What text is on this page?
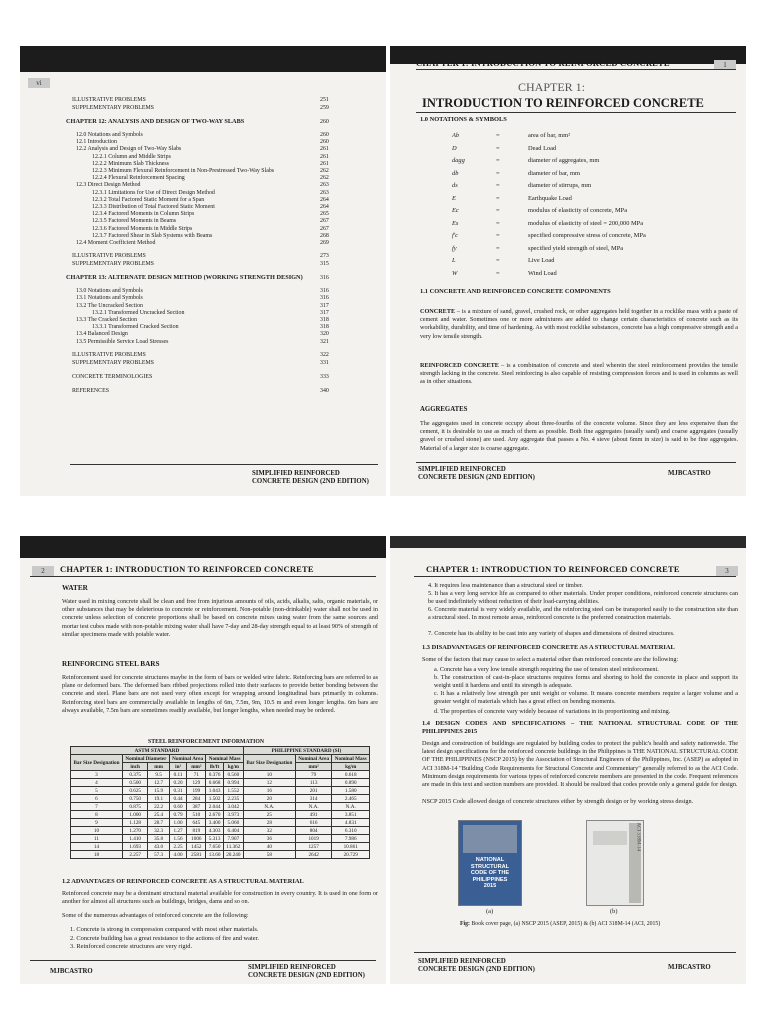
vi
SIMPLIFIED REINFORCED
CONCRETE DESIGN (2ND EDITION)
ILLUSTRATIVE PROBLEMS	251
SUPPLEMENTARY PROBLEMS	259
CHAPTER 12: ANALYSIS AND DESIGN OF TWO-WAY SLABS	260
12.0 Notations and Symbols	260
12.1 Introduction	260
12.2 Analysis and Design of Two-Way Slabs	261
12.2.1 Column and Middle Strips	261
12.2.2 Minimum Slab Thickness	261
12.2.3 Minimum Flexural Reinforcement in Non-Prestressed Two-Way Slabs	262
12.2.4 Flexural Reinforcement Spacing	262
12.3 Direct Design Method	263
12.3.1 Limitations for Use of Direct Design Method	263
12.3.2 Total Factored Static Moment for a Span	264
12.3.3 Distribution of Total Factored Static Moment	264
12.3.4 Factored Moments in Column Strips	265
12.3.5 Factored Moments in Beams	267
12.3.6 Factored Moments in Middle Strips	267
12.3.7 Factored Shear in Slab Systems with Beams	268
12.4 Moment Coefficient Method	269
ILLUSTRATIVE PROBLEMS	273
SUPPLEMENTARY PROBLEMS	315
CHAPTER 13: ALTERNATE DESIGN METHOD (WORKING STRENGTH DESIGN)	316
13.0 Notations and Symbols	316
13.1 Notations and Symbols	316
13.2 The Uncracked Section	317
13.2.1 Transformed Uncracked Section	317
13.3 The Cracked Section	318
13.3.1 Transformed Cracked Section	318
13.4 Balanced Design	320
13.5 Permissible Service Load Stresses	321
ILLUSTRATIVE PROBLEMS	322
SUPPLEMENTARY PROBLEMS	331
CONCRETE TERMINOLOGIES	333
REFERENCES	340
CHAPTER 1: INTRODUCTION TO REINFORCED CONCRETE	1
CHAPTER 1:
INTRODUCTION TO REINFORCED CONCRETE
1.0 NOTATIONS & SYMBOLS
1.1 CONCRETE AND REINFORCED CONCRETE COMPONENTS
CONCRETE – is a mixture of sand, gravel, crushed rock, or other aggregates held together in a rocklike mass with a paste of cement and water. Sometimes one or more admixtures are added to change certain characteristics of concrete such as its workability, durability, and time of hardening. As with most rocklike substances, concrete has a high compressive strength and a very low tensile strength.
REINFORCED CONCRETE – is a combination of concrete and steel wherein the steel reinforcement provides the tensile strength lacking in the concrete. Steel reinforcing is also capable of resisting compression forces and is used in columns as well as in other situations.
AGGREGATES
The aggregates used in concrete occupy about three-fourths of the concrete volume. Since they are less expensive than the cement, it is desirable to use as much of them as possible. Both fine aggregates (usually sand) and coarse aggregates (usually gravel or crushed stone) are used. Any aggregate that passes a No. 4 sieve (about 6mm in size) is said to be fine aggregates. Material of a larger size is coarse aggregate.
SIMPLIFIED REINFORCED
CONCRETE DESIGN (2ND EDITION)
MJBCASTRO
Ab	=	area of bar, mm²
D	=	Dead Load
dagg	=	diameter of aggregates, mm
db	=	diameter of bar, mm
ds	=	diameter of stirrups, mm
E	=	Earthquake Load
Ec	=	modulus of elasticity of concrete, MPa
Es	=	modulus of elasticity of steel = 200,000 MPa
f'c	=	specified compressive stress of concrete, MPa
fy	=	specified yield strength of steel, MPa
L	=	Live Load
W	=	Wind Load
2	CHAPTER 1: INTRODUCTION TO REINFORCED CONCRETE
WATER
Water used in mixing concrete shall be clean and free from injurious amounts of oils, acids, alkalis, salts, organic materials, or other substances that may be deleterious to concrete or reinforcement. Non-potable (non-drinkable) water shall not be used in concrete unless selection of concrete proportions shall be based on concrete mixes using water from the same sources and mortar test cubes made with non-potable mixing water shall have 7-day and 28-day strength equal to at least 90% of strength of similar specimens made with potable water.
REINFORCING STEEL BARS
Reinforcement used for concrete structures maybe in the form of bars or welded wire fabric. Reinforcing bars are referred to as plane or deformed bars. The deformed bars ribbed projections rolled into their surfaces to provide better bonding between the concrete and steel. Plane bars are not used very often except for wrapping around longitudinal bars primarily in columns. Reinforcing steel bars are commercially available in lengths of 6m, 7.5m, 9m, 10.5 m and even longer lengths. 6m bars are always available, 7.5m bars are sometimes readily available, but longer lengths, when needed may be ordered.
STEEL REINFORCEMENT INFORMATION
ASTM STANDARD							PHILIPPINE STANDARD (SI)		
Bar Size Designation	Nominal Diameter		Nominal Area		Nominal Mass		Bar Size Designation	Nominal Area	Nominal Mass
	inch	mm	in²	mm²	lb/ft	kg/m		mm²	kg/m
3	0.375	9.5	0.11	71	0.376	0.560	10	79	0.618
4	0.500	12.7	0.20	129	0.668	0.994	12	113	0.890
5	0.625	15.9	0.31	199	1.043	1.552	16	201	1.580
6	0.750	19.1	0.44	284	1.502	2.235	20	314	2.465
7	0.875	22.2	0.60	387	2.044	3.042	N.A.	N.A.	N.A.
8	1.000	25.4	0.79	510	2.670	3.973	25	491	3.851
9	1.128	28.7	1.00	645	3.400	5.060	28	616	4.831
10	1.270	32.3	1.27	819	4.303	6.404	32	804	6.310
11	1.410	35.8	1.56	1006	5.313	7.907	36	1019	7.986
14	1.693	43.0	2.25	1452	7.650	11.362	40	1257	10.861
18	2.257	57.3	4.00	2581	13.60	20.240	58	2642	20.729
1.2 ADVANTAGES OF REINFORCED CONCRETE AS A STRUCTURAL MATERIAL
Reinforced concrete may be a dominant structural material available for construction in every country. It is used in one form or another for almost all structures such as buildings, bridges, dams and so on.
Some of the numerous advantages of reinforced concrete are the following:
MJBCASTRO
SIMPLIFIED REINFORCED
CONCRETE DESIGN (2ND EDITION)
1. Concrete is strong in compression compared with most other materials.
2. Concrete building has a great resistance to the actions of fire and water.
3. Reinforced concrete structures are very rigid.
CHAPTER 1: INTRODUCTION TO REINFORCED CONCRETE	3
1.3 DISADVANTAGES OF REINFORCED CONCRETE AS A STRUCTURAL MATERIAL
Some of the factors that may cause to select a material other than reinforced concrete are the following:
1.4 DESIGN CODES AND SPECIFICATIONS – THE NATIONAL STRUCTURAL CODE OF THE PHILIPPINES 2015
Design and construction of buildings are regulated by building codes to protect the public's health and safety nationwide. The latest design specifications for the reinforced concrete buildings in the Philippines is THE NATIONAL STRUCTURAL CODE OF THE PHILIPPINES (NSCP 2015) by the Association of Structural Engineers of the Philippines, Inc. (ASEP) as adopted in ACI 318M-14 "Building Code Requirements for Structural Concrete and Commentary" generally referred to as the ACI Code. Minimum design requirements for various types of reinforced concrete members are presented in the code. Frequent references are made in this text and section numbers are provided. It should be realized that codes provide only a general guide for design.
NSCP 2015 Code allowed design of concrete structures either by strength design or by working stress design.
NATIONAL
STRUCTURAL
CODE OF THE
PHILIPPINES
2015
(a)
ACI 318M-14
(b)
Fig: Book cover page, (a) NSCP 2015 (ASEP, 2015) & (b) ACI 318M-14 (ACI, 2015)
SIMPLIFIED REINFORCED
CONCRETE DESIGN (2ND EDITION)	MJBCASTRO
4. It requires less maintenance than a structural steel or timber.
5. It has a very long service life as compared to other materials. Under proper conditions, reinforced concrete structures can be used indefinitely without reduction of their load-carrying abilities.
6. Concrete material is very widely available, and the reinforcing steel can be transported easily to the construction site than a structural steel. In most remote areas, reinforced concrete is the preferred construction materials.
7. Concrete has its ability to be cast into any variety of shapes and dimensions of desired structures.
a. Concrete has a very low tensile strength requiring the use of tension steel reinforcement.
b. The construction of cast-in-place structures requires forms and shoring to hold the concrete in place and support its weight until it hardens and until its strength is adequate.
c. It has a relatively low strength per unit weight or volume. It means concrete members require a larger volume and a greater weight of materials which has a great effect on bending moments.
d. The properties of concrete vary widely because of variations in its proportioning and mixing.
